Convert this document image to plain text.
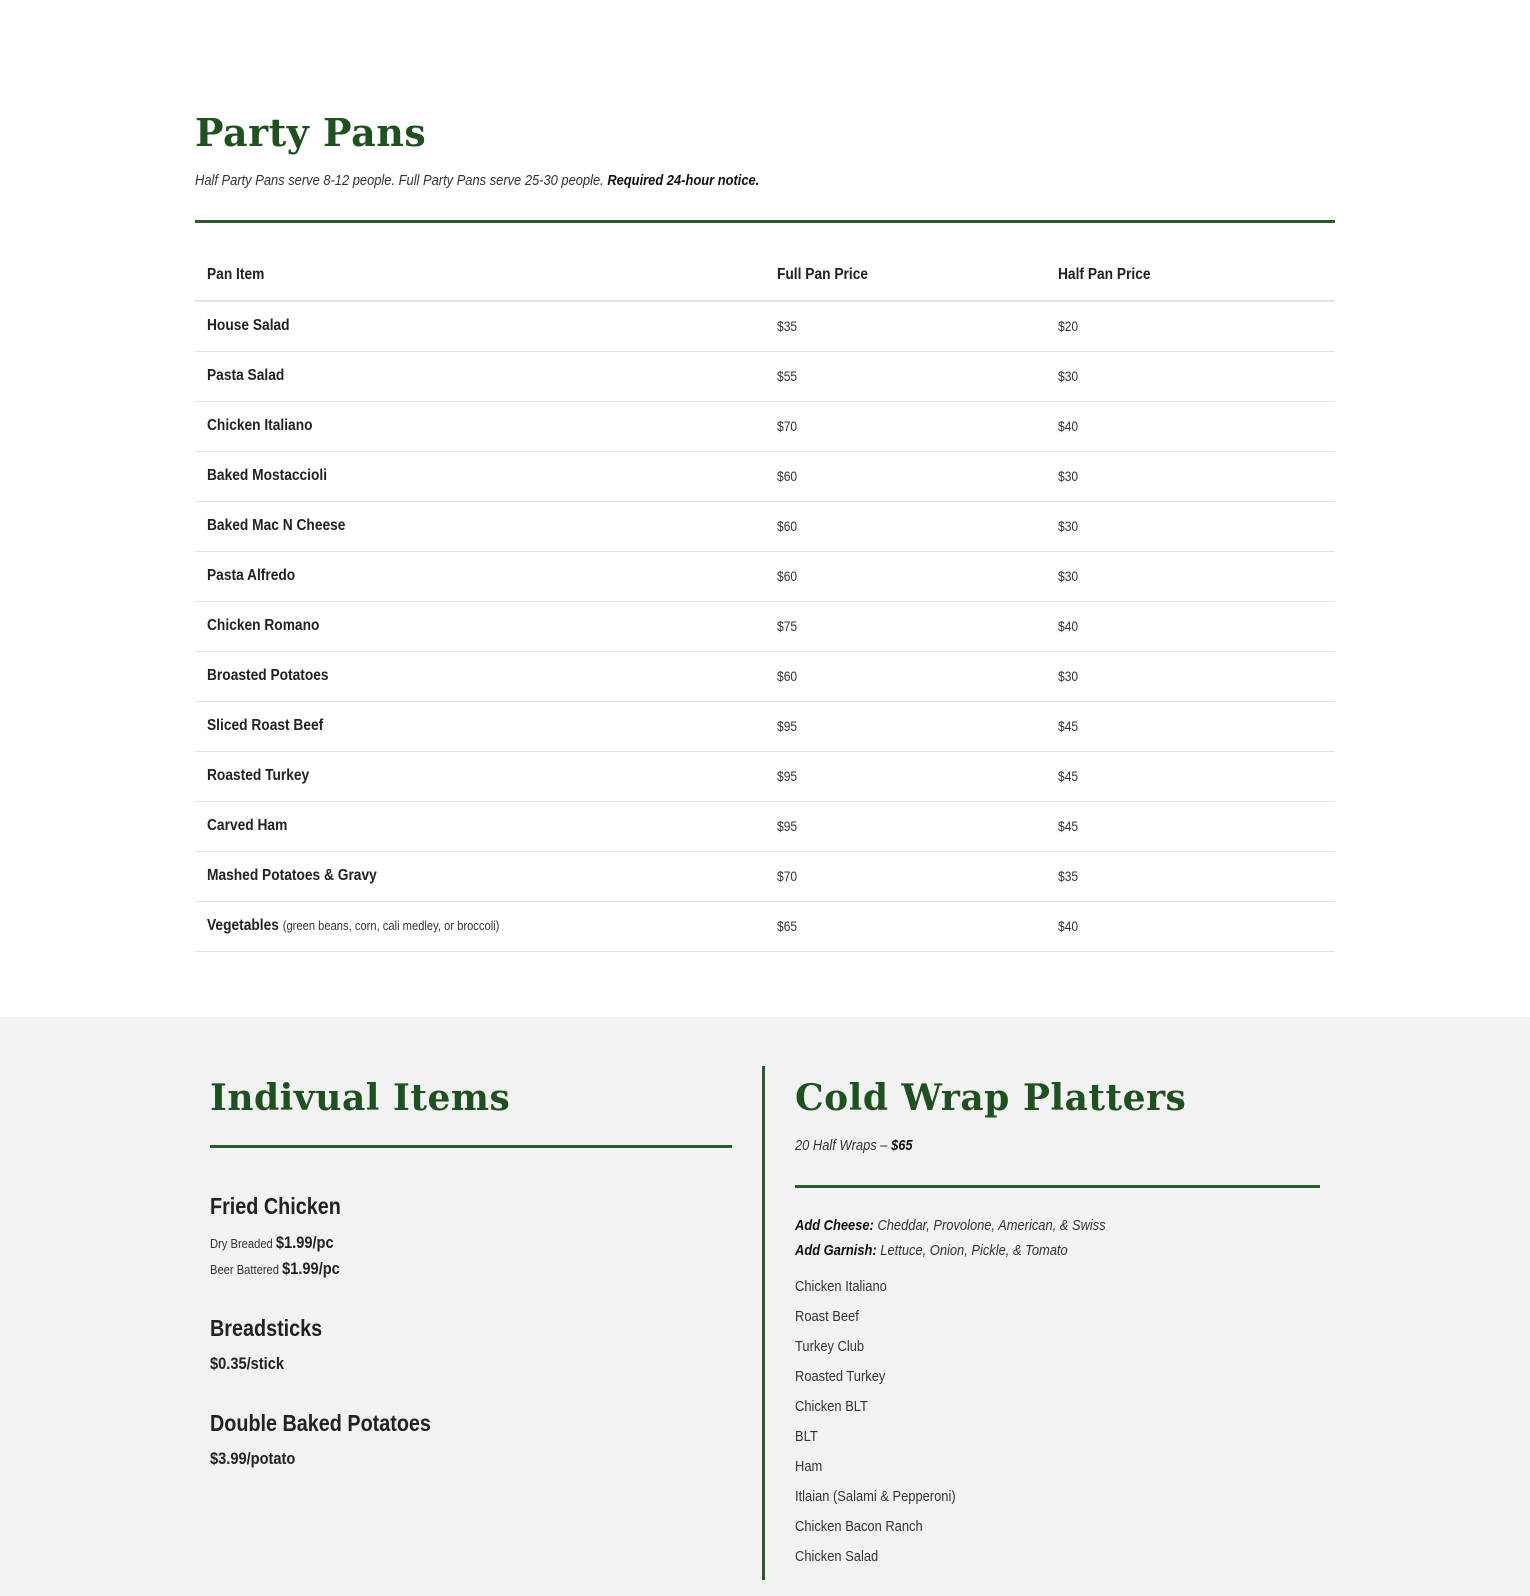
Party Pans

Half Party Pans serve 8-12 people. Full Party Pans serve 25-30 people. Required 24-hour notice.

Pan Item	Full Pan Price	Half Pan Price
House Salad	$35	$20
Pasta Salad	$55	$30
Chicken Italiano	$70	$40
Baked Mostaccioli	$60	$30
Baked Mac N Cheese	$60	$30
Pasta Alfredo	$60	$30
Chicken Romano	$75	$40
Broasted Potatoes	$60	$30
Sliced Roast Beef	$95	$45
Roasted Turkey	$95	$45
Carved Ham	$95	$45
Mashed Potatoes & Gravy	$70	$35
Vegetables (green beans, corn, cali medley, or broccoli)	$65	$40
Indivual Items
Fried Chicken
Dry Breaded $1.99/pc
Beer Battered $1.99/pc
Breadsticks
$0.35/stick
Double Baked Potatoes
$3.99/potato
Cold Wrap Platters
20 Half Wraps – $65
Add Cheese: Cheddar, Provolone, American, & Swiss
Add Garnish: Lettuce, Onion, Pickle, & Tomato
Chicken Italiano
Roast Beef
Turkey Club
Roasted Turkey
Chicken BLT
BLT
Ham
Itlaian (Salami & Pepperoni)
Chicken Bacon Ranch
Chicken Salad
